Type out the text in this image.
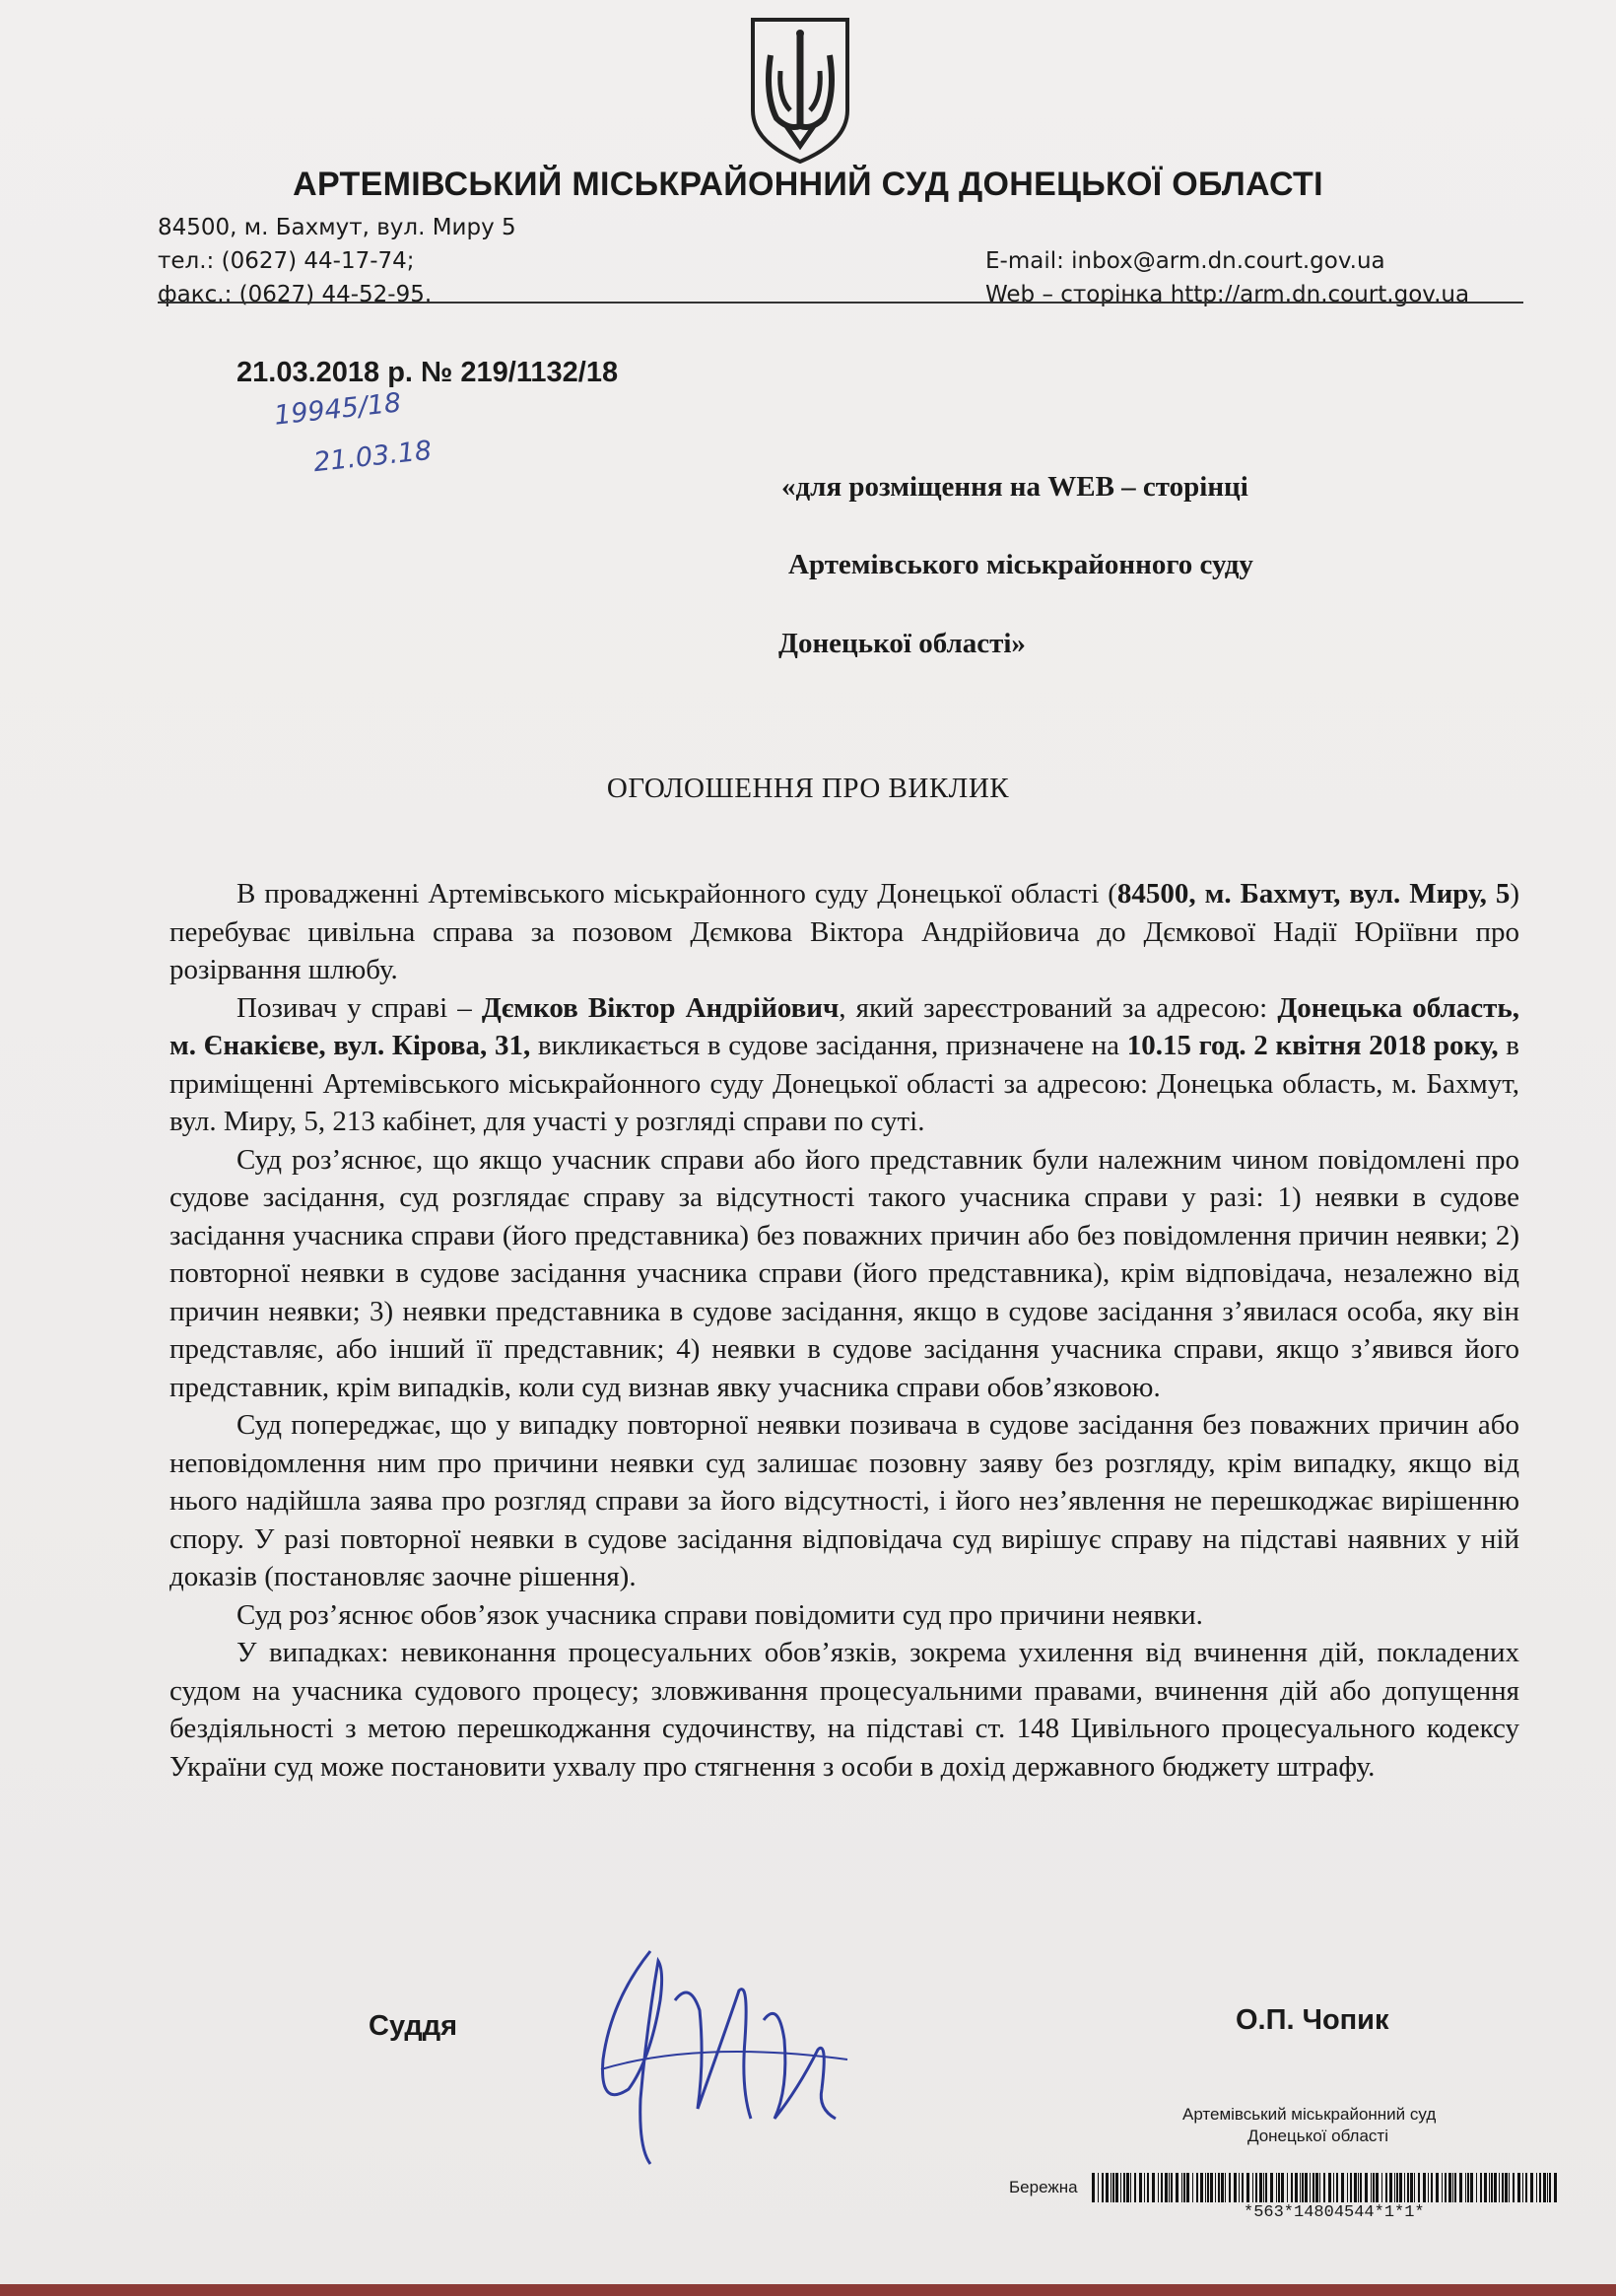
АРТЕМІВСЬКИЙ МІСЬКРАЙОННИЙ СУД ДОНЕЦЬКОЇ ОБЛАСТІ
84500, м. Бахмут, вул. Миру 5
тел.: (0627) 44-17-74;
факс.: (0627) 44-52-95.
E-mail: inbox@arm.dn.court.gov.ua
Web – сторінка http://arm.dn.court.gov.ua
21.03.2018 р. № 219/1132/18
19945/18
21.03.18
«для розміщення на WEB – сторінці
Артемівського міськрайонного суду
Донецької області»
ОГОЛОШЕННЯ ПРО ВИКЛИК

В провадженні Артемівського міськрайонного суду Донецької області (84500, м. Бахмут, вул. Миру, 5) перебуває цивільна справа за позовом Дємкова Віктора Андрійовича до Дємкової Надії Юріївни про розірвання шлюбу.

Позивач у справі – Дємков Віктор Андрійович, який зареєстрований за адресою: Донецька область, м. Єнакієве, вул. Кірова, 31, викликається в судове засідання, призначене на 10.15 год. 2 квітня 2018 року, в приміщенні Артемівського міськрайонного суду Донецької області за адресою: Донецька область, м. Бахмут, вул. Миру, 5, 213 кабінет, для участі у розгляді справи по суті.

Суд роз’яснює, що якщо учасник справи або його представник були належним чином повідомлені про судове засідання, суд розглядає справу за відсутності такого учасника справи у разі: 1) неявки в судове засідання учасника справи (його представника) без поважних причин або без повідомлення причин неявки; 2) повторної неявки в судове засідання учасника справи (його представника), крім відповідача, незалежно від причин неявки; 3) неявки представника в судове засідання, якщо в судове засідання з’явилася особа, яку він представляє, або інший її представник; 4) неявки в судове засідання учасника справи, якщо з’явився його представник, крім випадків, коли суд визнав явку учасника справи обов’язковою.

Суд попереджає, що у випадку повторної неявки позивача в судове засідання без поважних причин або неповідомлення ним про причини неявки суд залишає позовну заяву без розгляду, крім випадку, якщо від нього надійшла заява про розгляд справи за його відсутності, і його нез’явлення не перешкоджає вирішенню спору. У разі повторної неявки в судове засідання відповідача суд вирішує справу на підставі наявних у ній доказів (постановляє заочне рішення).

Суд роз’яснює обов’язок учасника справи повідомити суд про причини неявки.

У випадках: невиконання процесуальних обов’язків, зокрема ухилення від вчинення дій, покладених судом на учасника судового процесу; зловживання процесуальними правами, вчинення дій або допущення бездіяльності з метою перешкоджання судочинству, на підставі ст. 148 Цивільного процесуального кодексу України суд може постановити ухвалу про стягнення з особи в дохід державного бюджету штрафу.

Суддя	О.П. Чопик
Артемівський міськрайонний суд
Донецької області
Бережна
*563*14804544*1*1*
